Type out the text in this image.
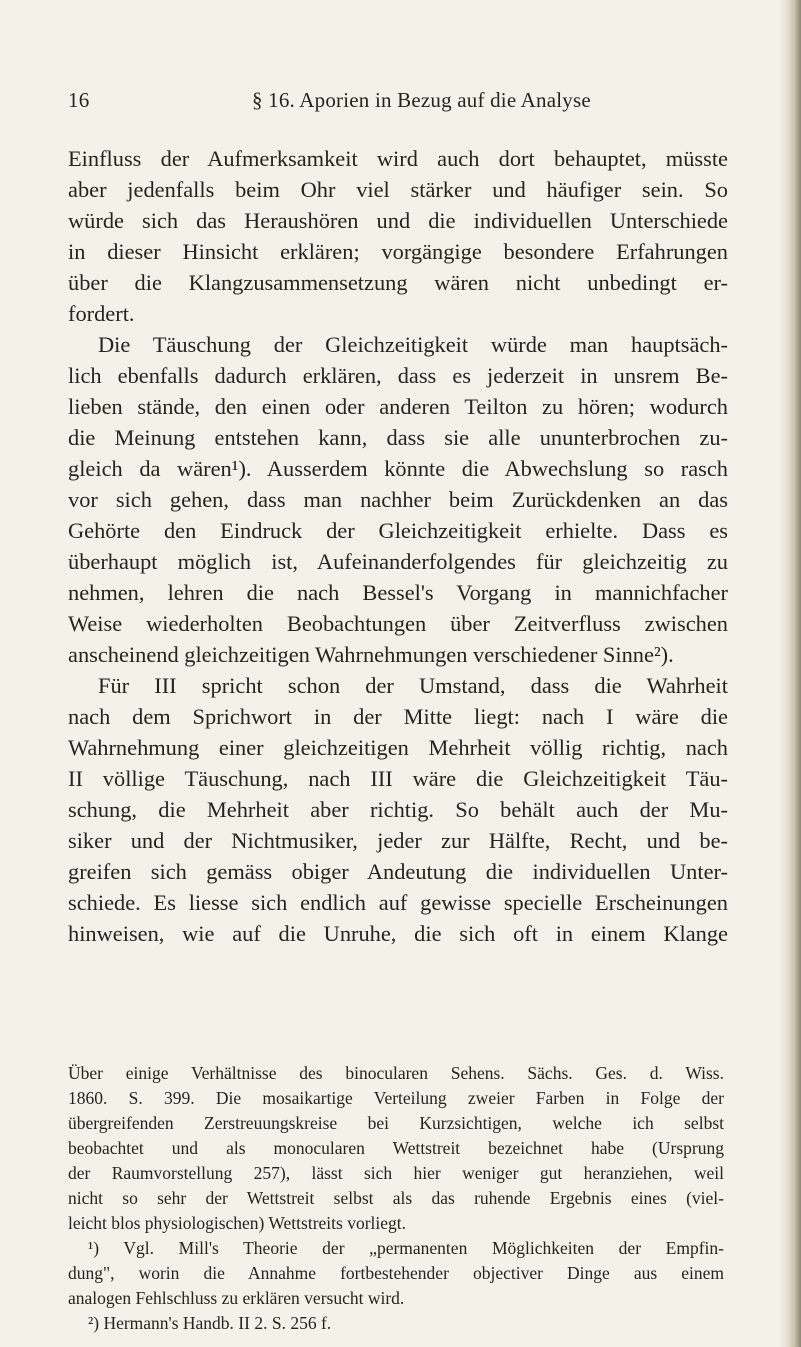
16	§ 16. Aporien in Bezug auf die Analyse
Einfluss der Aufmerksamkeit wird auch dort behauptet, müsste
aber jedenfalls beim Ohr viel stärker und häufiger sein. So
würde sich das Heraushören und die individuellen Unterschiede
in dieser Hinsicht erklären; vorgängige besondere Erfahrungen
über die Klangzusammensetzung wären nicht unbedingt er-
fordert.
Die Täuschung der Gleichzeitigkeit würde man hauptsäch-
lich ebenfalls dadurch erklären, dass es jederzeit in unsrem Be-
lieben stände, den einen oder anderen Teilton zu hören; wodurch
die Meinung entstehen kann, dass sie alle ununterbrochen zu-
gleich da wären¹). Ausserdem könnte die Abwechslung so rasch
vor sich gehen, dass man nachher beim Zurückdenken an das
Gehörte den Eindruck der Gleichzeitigkeit erhielte. Dass es
überhaupt möglich ist, Aufeinanderfolgendes für gleichzeitig zu
nehmen, lehren die nach Bessel's Vorgang in mannichfacher
Weise wiederholten Beobachtungen über Zeitverfluss zwischen
anscheinend gleichzeitigen Wahrnehmungen verschiedener Sinne²).
Für III spricht schon der Umstand, dass die Wahrheit
nach dem Sprichwort in der Mitte liegt: nach I wäre die
Wahrnehmung einer gleichzeitigen Mehrheit völlig richtig, nach
II völlige Täuschung, nach III wäre die Gleichzeitigkeit Täu-
schung, die Mehrheit aber richtig. So behält auch der Mu-
siker und der Nichtmusiker, jeder zur Hälfte, Recht, und be-
greifen sich gemäss obiger Andeutung die individuellen Unter-
schiede. Es liesse sich endlich auf gewisse specielle Erscheinungen
hinweisen, wie auf die Unruhe, die sich oft in einem Klange
Über einige Verhältnisse des binocularen Sehens. Sächs. Ges. d. Wiss.
1860. S. 399. Die mosaikartige Verteilung zweier Farben in Folge der
übergreifenden Zerstreuungskreise bei Kurzsichtigen, welche ich selbst
beobachtet und als monocularen Wettstreit bezeichnet habe (Ursprung
der Raumvorstellung 257), lässt sich hier weniger gut heranziehen, weil
nicht so sehr der Wettstreit selbst als das ruhende Ergebnis eines (viel-
leicht blos physiologischen) Wettstreits vorliegt.
¹) Vgl. Mill's Theorie der „permanenten Möglichkeiten der Empfin-
dung", worin die Annahme fortbestehender objectiver Dinge aus einem
analogen Fehlschluss zu erklären versucht wird.
²) Hermann's Handb. II 2. S. 256 f.
